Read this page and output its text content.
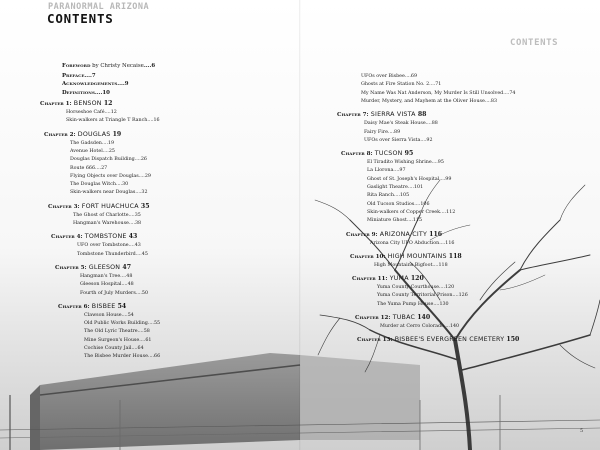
PARANORMAL ARIZONA
CONTENTS
CONTENTS
5
Foreword by Christy Necaise....6
Preface....7
Acknowledgements....9
Definitions....10
Chapter 1: BENSON 12
Horseshoe Café....12
Skin-walkers at Triangle T Ranch....16
Chapter 2: DOUGLAS 19
The Gadsden....19
Avenue Hotel....25
Douglas Dispatch Building....26
Route 666....27
Flying Objects over Douglas....29
The Douglas Witch....30
Skin-walkers near Douglas....32
Chapter 3: FORT HUACHUCA 35
The Ghost of Charlotte....35
Hangman's Warehouse....38
Chapter 4: TOMBSTONE 43
UFO over Tombstone....43
Tombstone Thunderbird....45
Chapter 5: GLEESON 47
Hangman's Tree....48
Gleeson Hospital....48
Fourth of July Murders....50
Chapter 6: BISBEE 54
Clawson House....54
Old Public Works Building....55
The Old Lyric Theatre....58
Mine Surgeon's House....61
Cochise County Jail....64
The Bisbee Murder House....66
UFOs over Bisbee....69
Ghosts at Fire Station No. 2....71
My Name Was Nat Anderson, My Murder Is Still Unsolved....74
Murder, Mystery, and Mayhem at the Oliver House....83
Chapter 7: SIERRA VISTA 88
Daisy Mae's Steak House....88
Fairy Fire....89
UFOs over Sierra Vista....92
Chapter 8: TUCSON 95
El Tiradito Wishing Shrine....95
La Llorona....97
Ghost of St. Joseph's Hospital....99
Gaslight Theatre....101
Rita Ranch....105
Old Tucson Studios....106
Skin-walkers of Copper Creek....112
Miniature Ghost....115
Chapter 9: ARIZONA CITY 116
Arizona City UFO Abduction....116
Chapter 10: HIGH MOUNTAINS 118
High Mountains Bigfoot....118
Chapter 11: YUMA 120
Yuma County Courthouse....120
Yuma County Territorial Prison....126
The Yuma Pump House....130
Chapter 12: TUBAC 140
Murder at Cerro Colorado....140
Chapter 13: BISBEE'S EVERGREEN CEMETERY 150
